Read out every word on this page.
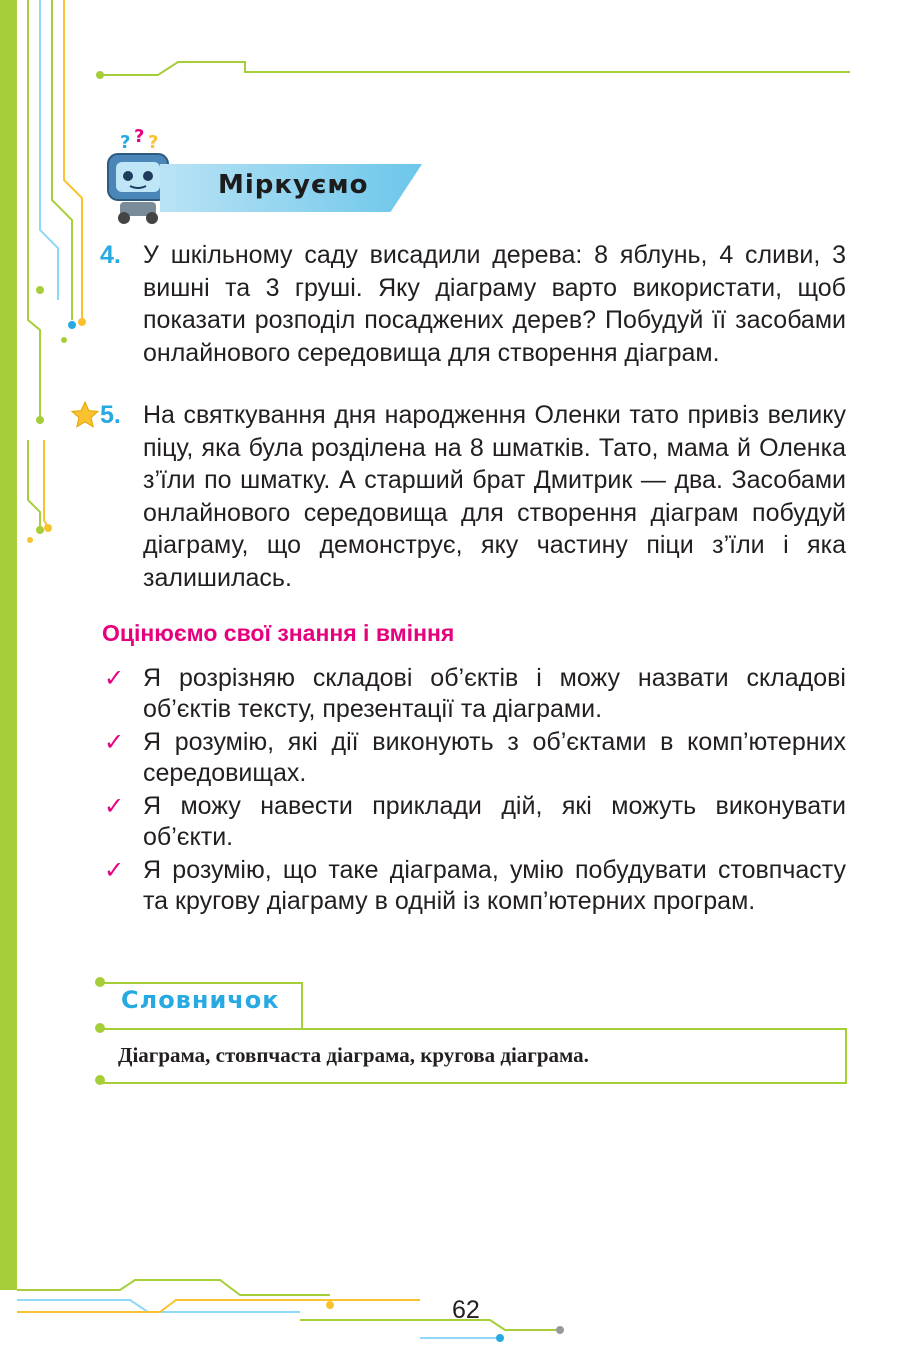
? ? ?
Міркуємо
4. У шкільному саду висадили дерева: 8 яблунь, 4 сливи, 3 вишні та 3 груші. Яку діаграму варто використати, щоб показати розподіл посаджених дерев? Побудуй її засобами онлайнового середовища для створення діаграм.
5. На святкування дня народження Оленки тато привіз велику піцу, яка була розділена на 8 шматків. Тато, мама й Оленка з’їли по шматку. А старший брат Дмитрик — два. Засобами онлайнового середовища для створення діаграм побудуй діаграму, що демонструє, яку частину піци з’їли і яка залишилась.
Оцінюємо свої знання і вміння
✓ Я розрізняю складові об’єктів і можу назвати складові об’єктів тексту, презентації та діаграми.
✓ Я розумію, які дії виконують з об’єктами в комп’ютерних середовищах.
✓ Я можу навести приклади дій, які можуть виконувати об’єкти.
✓ Я розумію, що таке діаграма, умію побудувати стовпчасту та кругову діаграму в одній із комп’ютерних програм.
Словничок
Діаграма, стовпчаста діаграма, кругова діаграма.
62
